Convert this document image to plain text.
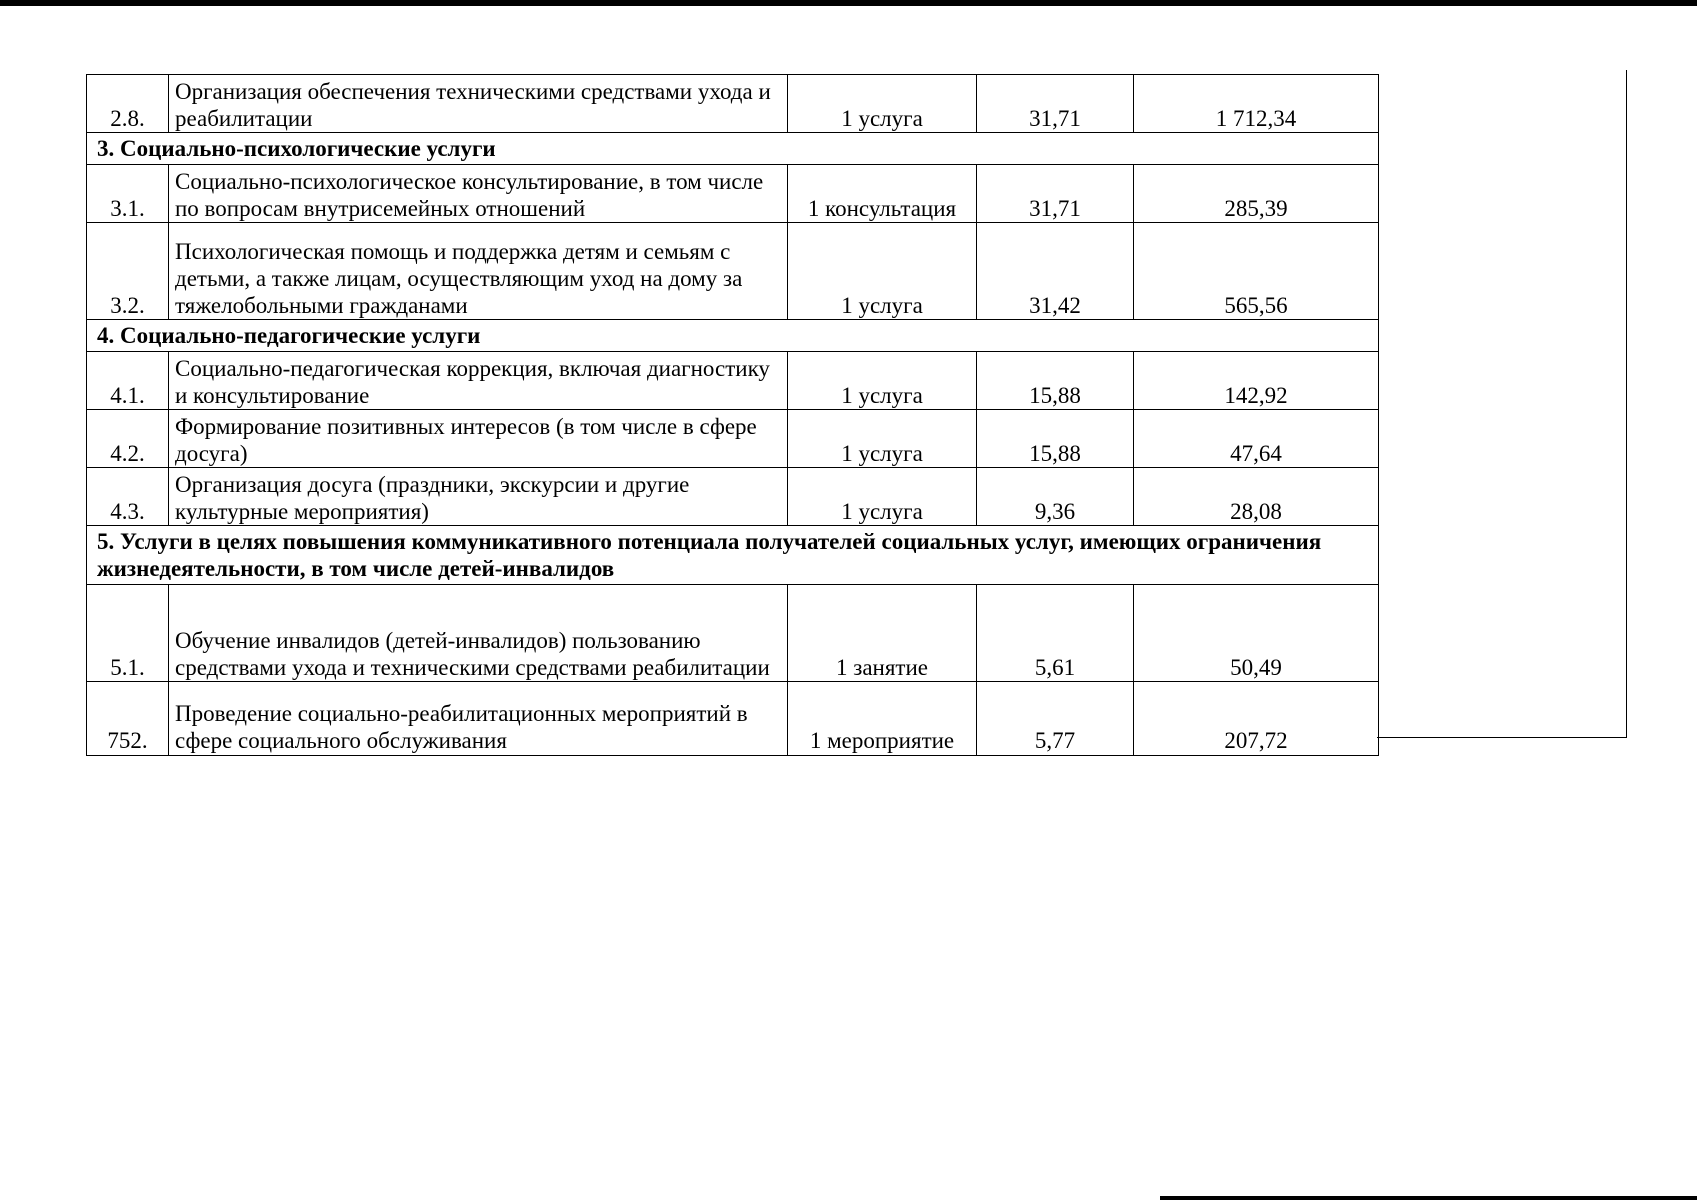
2.8.	Организация обеспечения техническими средствами ухода и реабилитации	1 услуга	31,71	1 712,34
3. Социально-психологические услуги				
3.1.	Социально-психологическое консультирование, в том числе по вопросам внутрисемейных отношений	1 консультация	31,71	285,39
3.2.	Психологическая помощь и поддержка детям и семьям с детьми, а также лицам, осуществляющим уход на дому за тяжелобольными гражданами	1 услуга	31,42	565,56
4. Социально-педагогические услуги				
4.1.	Социально-педагогическая коррекция, включая диагностику и консультирование	1 услуга	15,88	142,92
4.2.	Формирование позитивных интересов (в том числе в сфере досуга)	1 услуга	15,88	47,64
4.3.	Организация досуга (праздники, экскурсии и другие культурные мероприятия)	1 услуга	9,36	28,08
5. Услуги в целях повышения коммуникативного потенциала получателей социальных услуг, имеющих ограничения жизнедеятельности, в том числе детей-инвалидов				
5.1.	Обучение инвалидов (детей-инвалидов) пользованию средствами ухода и техническими средствами реабилитации	1 занятие	5,61	50,49
752.	Проведение социально-реабилитационных мероприятий в сфере социального обслуживания	1 мероприятие	5,77	207,72
